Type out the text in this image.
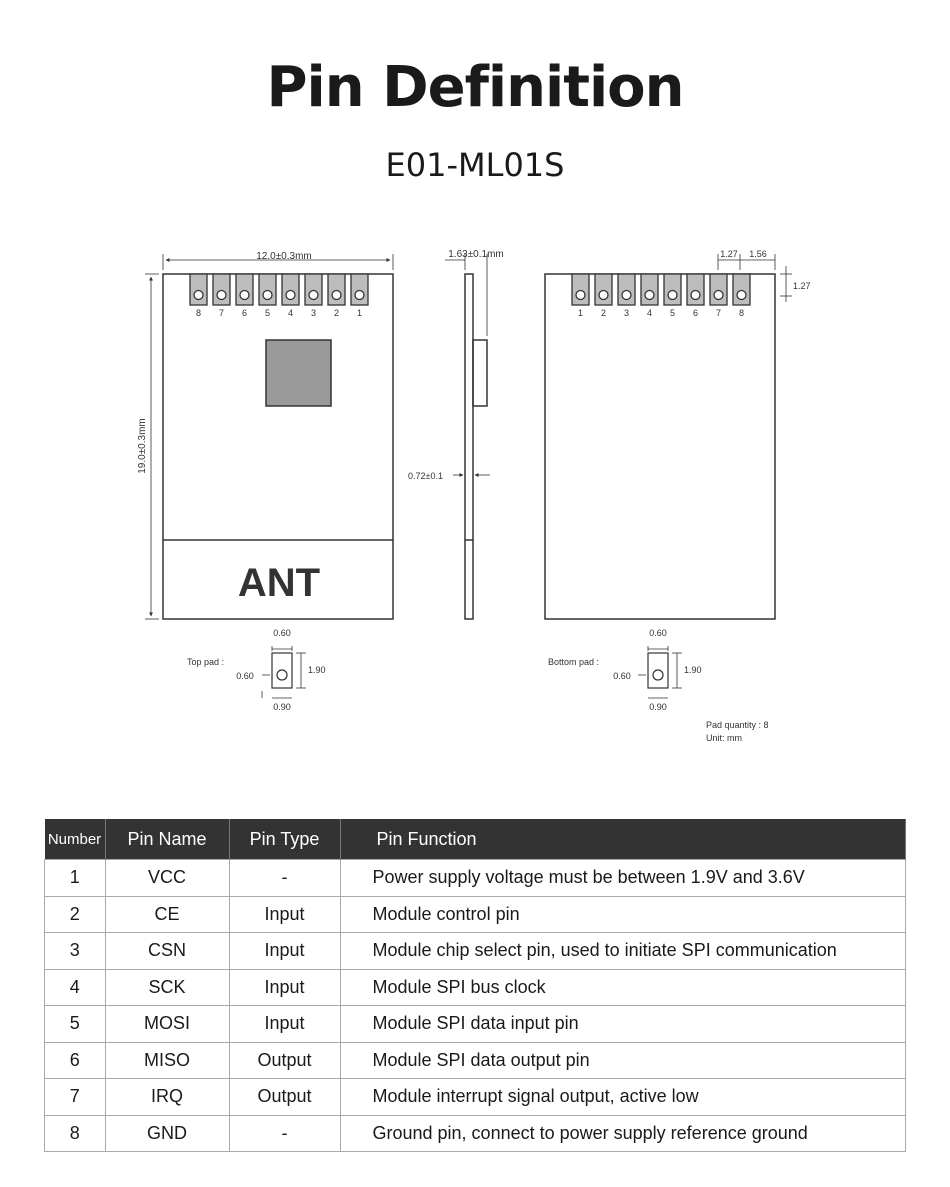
Pin Definition
E01-ML01S
8 7 6 5 4 3 2 1
ANT
12.0±0.3mm
19.0±0.3mm
1.63±0.1mm
0.72±0.1
1 2 3 4 5 6 7 8
1.27 1.56
1.27
0.60
0.60
1.90
0.90
Top pad :
0.60
0.60
1.90
0.90
Bottom pad :
Pad quantity : 8
Unit: mm
Number	Pin Name	Pin Type	Pin Function
1	VCC	-	Power supply voltage must be between 1.9V and 3.6V
2	CE	Input	Module control pin
3	CSN	Input	Module chip select pin, used to initiate SPI communication
4	SCK	Input	Module SPI bus clock
5	MOSI	Input	Module SPI data input pin
6	MISO	Output	Module SPI data output pin
7	IRQ	Output	Module interrupt signal output, active low
8	GND	-	Ground pin, connect to power supply reference ground
